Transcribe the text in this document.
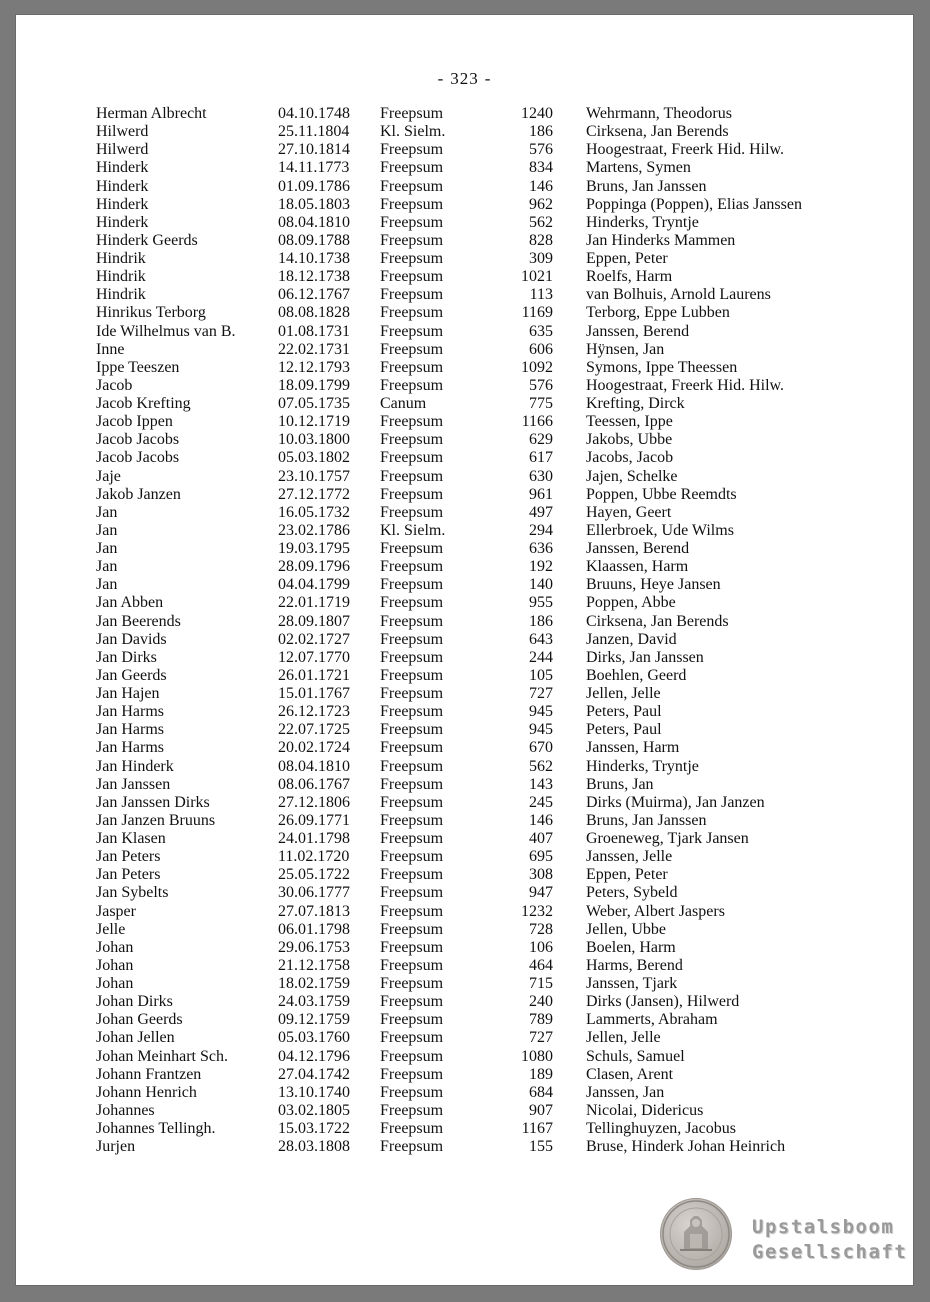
- 323 -
Herman Albrecht	04.10.1748 Freepsum	1240 Wehrmann, Theodorus
Hilwerd	25.11.1804 Kl. Sielm.	186 Cirksena, Jan Berends
Hilwerd	27.10.1814 Freepsum	576 Hoogestraat, Freerk Hid. Hilw.
Hinderk	14.11.1773 Freepsum	834 Martens, Symen
Hinderk	01.09.1786 Freepsum	146 Bruns, Jan Janssen
Hinderk	18.05.1803 Freepsum	962 Poppinga (Poppen), Elias Janssen
Hinderk	08.04.1810 Freepsum	562 Hinderks, Tryntje
Hinderk Geerds	08.09.1788 Freepsum	828 Jan Hinderks Mammen
Hindrik	14.10.1738 Freepsum	309 Eppen, Peter
Hindrik	18.12.1738 Freepsum	1021 Roelfs, Harm
Hindrik	06.12.1767 Freepsum	113 van Bolhuis, Arnold Laurens
Hinrikus Terborg	08.08.1828 Freepsum	1169 Terborg, Eppe Lubben
Ide Wilhelmus van B.	01.08.1731 Freepsum	635 Janssen, Berend
Inne	22.02.1731 Freepsum	606 Hÿnsen, Jan
Ippe Teeszen	12.12.1793 Freepsum	1092 Symons, Ippe Theessen
Jacob	18.09.1799 Freepsum	576 Hoogestraat, Freerk Hid. Hilw.
Jacob Krefting	07.05.1735 Canum	775 Krefting, Dirck
Jacob Ippen	10.12.1719 Freepsum	1166 Teessen, Ippe
Jacob Jacobs	10.03.1800 Freepsum	629 Jakobs, Ubbe
Jacob Jacobs	05.03.1802 Freepsum	617 Jacobs, Jacob
Jaje	23.10.1757 Freepsum	630 Jajen, Schelke
Jakob Janzen	27.12.1772 Freepsum	961 Poppen, Ubbe Reemdts
Jan	16.05.1732 Freepsum	497 Hayen, Geert
Jan	23.02.1786 Kl. Sielm.	294 Ellerbroek, Ude Wilms
Jan	19.03.1795 Freepsum	636 Janssen, Berend
Jan	28.09.1796 Freepsum	192 Klaassen, Harm
Jan	04.04.1799 Freepsum	140 Bruuns, Heye Jansen
Jan Abben	22.01.1719 Freepsum	955 Poppen, Abbe
Jan Beerends	28.09.1807 Freepsum	186 Cirksena, Jan Berends
Jan Davids	02.02.1727 Freepsum	643 Janzen, David
Jan Dirks	12.07.1770 Freepsum	244 Dirks, Jan Janssen
Jan Geerds	26.01.1721 Freepsum	105 Boehlen, Geerd
Jan Hajen	15.01.1767 Freepsum	727 Jellen, Jelle
Jan Harms	26.12.1723 Freepsum	945 Peters, Paul
Jan Harms	22.07.1725 Freepsum	945 Peters, Paul
Jan Harms	20.02.1724 Freepsum	670 Janssen, Harm
Jan Hinderk	08.04.1810 Freepsum	562 Hinderks, Tryntje
Jan Janssen	08.06.1767 Freepsum	143 Bruns, Jan
Jan Janssen Dirks	27.12.1806 Freepsum	245 Dirks (Muirma), Jan Janzen
Jan Janzen Bruuns	26.09.1771 Freepsum	146 Bruns, Jan Janssen
Jan Klasen	24.01.1798 Freepsum	407 Groeneweg, Tjark Jansen
Jan Peters	11.02.1720 Freepsum	695 Janssen, Jelle
Jan Peters	25.05.1722 Freepsum	308 Eppen, Peter
Jan Sybelts	30.06.1777 Freepsum	947 Peters, Sybeld
Jasper	27.07.1813 Freepsum	1232 Weber, Albert Jaspers
Jelle	06.01.1798 Freepsum	728 Jellen, Ubbe
Johan	29.06.1753 Freepsum	106 Boelen, Harm
Johan	21.12.1758 Freepsum	464 Harms, Berend
Johan	18.02.1759 Freepsum	715 Janssen, Tjark
Johan Dirks	24.03.1759 Freepsum	240 Dirks (Jansen), Hilwerd
Johan Geerds	09.12.1759 Freepsum	789 Lammerts, Abraham
Johan Jellen	05.03.1760 Freepsum	727 Jellen, Jelle
Johan Meinhart Sch.	04.12.1796 Freepsum	1080 Schuls, Samuel
Johann Frantzen	27.04.1742 Freepsum	189 Clasen, Arent
Johann Henrich	13.10.1740 Freepsum	684 Janssen, Jan
Johannes	03.02.1805 Freepsum	907 Nicolai, Didericus
Johannes Tellingh.	15.03.1722 Freepsum	1167 Tellinghuyzen, Jacobus
Jurjen	28.03.1808 Freepsum	155 Bruse, Hinderk Johan Heinrich
Upstalsboom
Gesellschaft
